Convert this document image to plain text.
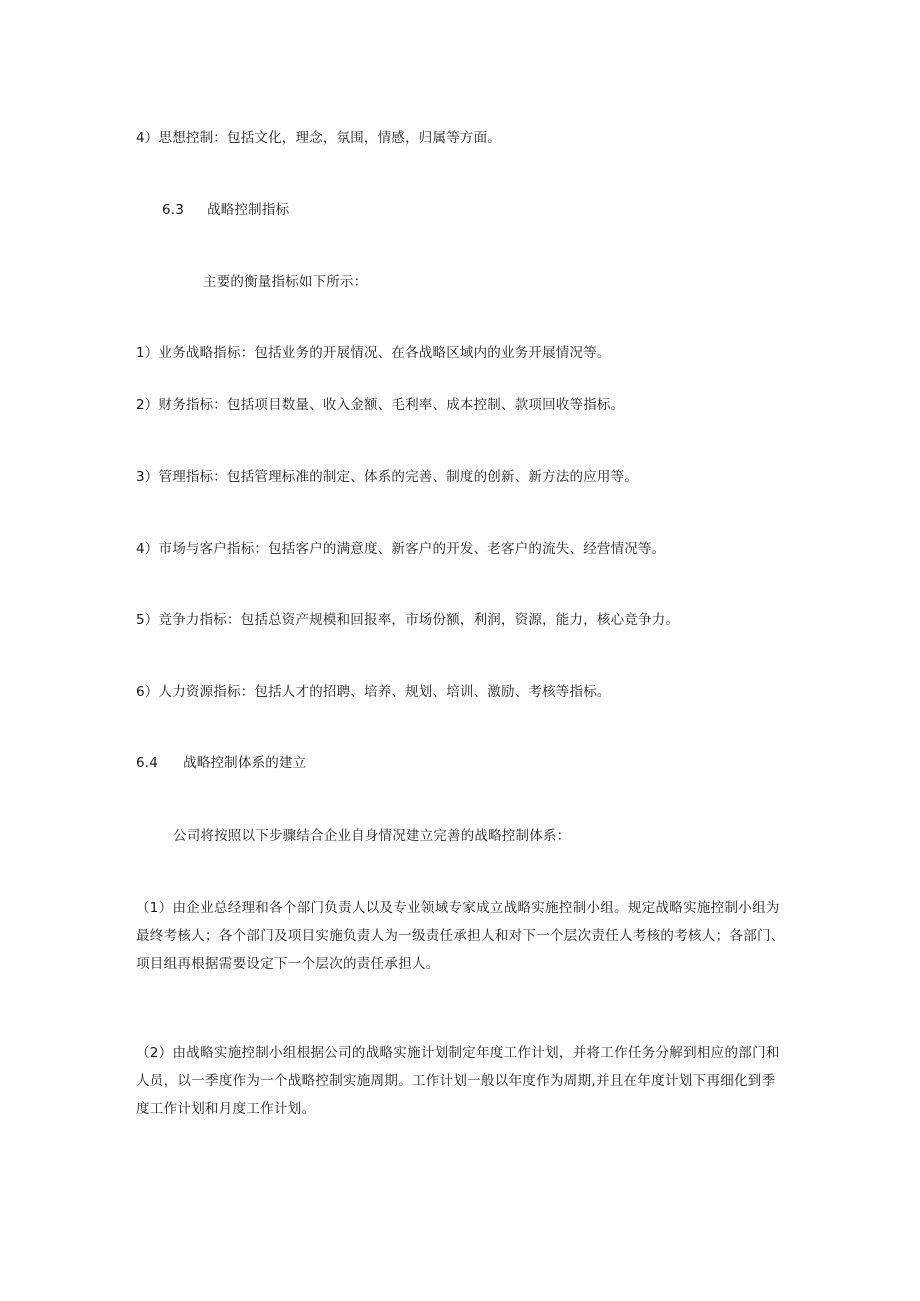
4）思想控制：包括文化，理念，氛围，情感，归属等方面。
6.3 战略控制指标
主要的衡量指标如下所示：
1）业务战略指标：包括业务的开展情况、在各战略区域内的业务开展情况等。
2）财务指标：包括项目数量、收入金额、毛利率、成本控制、款项回收等指标。
3）管理指标：包括管理标准的制定、体系的完善、制度的创新、新方法的应用等。
4）市场与客户指标：包括客户的满意度、新客户的开发、老客户的流失、经营情况等。
5）竞争力指标：包括总资产规模和回报率，市场份额，利润，资源，能力，核心竞争力。
6）人力资源指标：包括人才的招聘、培养、规划、培训、激励、考核等指标。
6.4 战略控制体系的建立
公司将按照以下步骤结合企业自身情况建立完善的战略控制体系：
（1）由企业总经理和各个部门负责人以及专业领域专家成立战略实施控制小组。规定战略实施控制小组为最终考核人；各个部门及项目实施负责人为一级责任承担人和对下一个层次责任人考核的考核人；各部门、项目组再根据需要设定下一个层次的责任承担人。
（2）由战略实施控制小组根据公司的战略实施计划制定年度工作计划，并将工作任务分解到相应的部门和人员，以一季度作为一个战略控制实施周期。工作计划一般以年度作为周期,并且在年度计划下再细化到季度工作计划和月度工作计划。
